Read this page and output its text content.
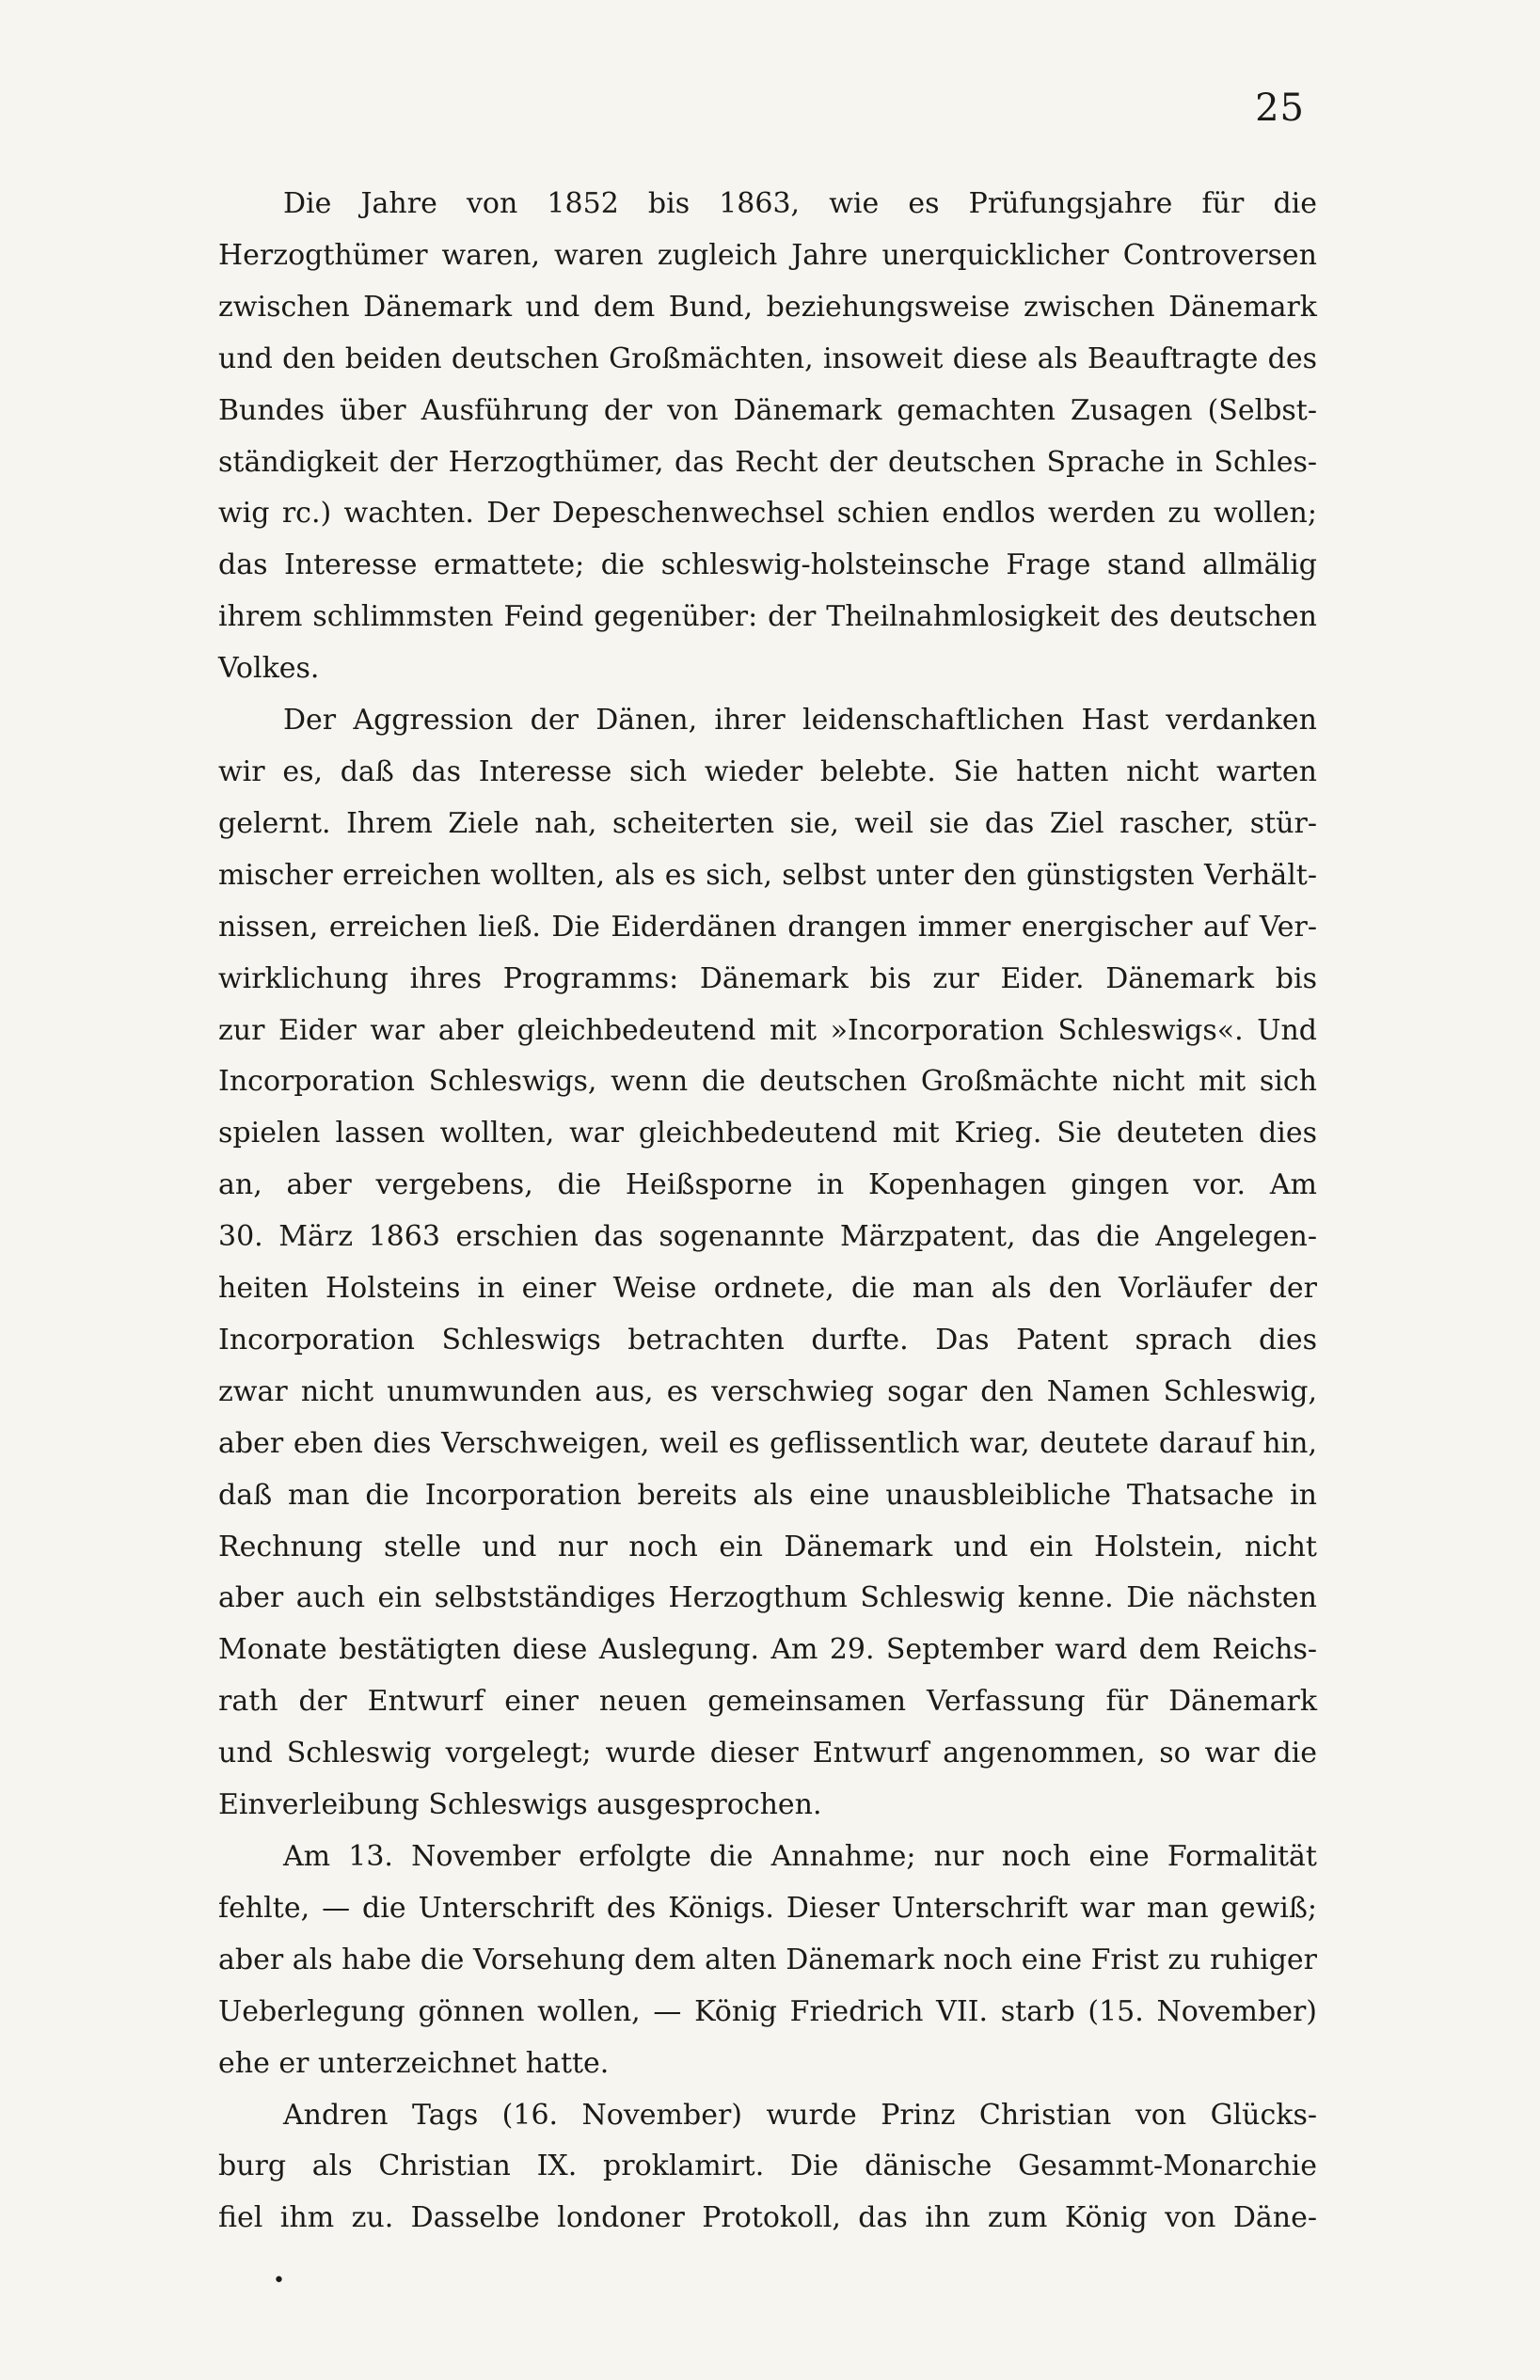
25

Die Jahre von 1852 bis 1863, wie es Prüfungsjahre für die
Herzogthümer waren, waren zugleich Jahre unerquicklicher Controversen
zwischen Dänemark und dem Bund, beziehungsweise zwischen Dänemark
und den beiden deutschen Großmächten, insoweit diese als Beauftragte des
Bundes über Ausführung der von Dänemark gemachten Zusagen (Selbst-
ständigkeit der Herzogthümer, das Recht der deutschen Sprache in Schles-
wig rc.) wachten. Der Depeschenwechsel schien endlos werden zu wollen;
das Interesse ermattete; die schleswig-holsteinsche Frage stand allmälig
ihrem schlimmsten Feind gegenüber: der Theilnahmlosigkeit des deutschen
Volkes.

Der Aggression der Dänen, ihrer leidenschaftlichen Hast verdanken
wir es, daß das Interesse sich wieder belebte. Sie hatten nicht warten
gelernt. Ihrem Ziele nah, scheiterten sie, weil sie das Ziel rascher, stür-
mischer erreichen wollten, als es sich, selbst unter den günstigsten Verhält-
nissen, erreichen ließ. Die Eiderdänen drangen immer energischer auf Ver-
wirklichung ihres Programms: Dänemark bis zur Eider. Dänemark bis
zur Eider war aber gleichbedeutend mit »Incorporation Schleswigs«. Und
Incorporation Schleswigs, wenn die deutschen Großmächte nicht mit sich
spielen lassen wollten, war gleichbedeutend mit Krieg. Sie deuteten dies
an, aber vergebens, die Heißsporne in Kopenhagen gingen vor. Am
30. März 1863 erschien das sogenannte Märzpatent, das die Angelegen-
heiten Holsteins in einer Weise ordnete, die man als den Vorläufer der
Incorporation Schleswigs betrachten durfte. Das Patent sprach dies
zwar nicht unumwunden aus, es verschwieg sogar den Namen Schleswig,
aber eben dies Verschweigen, weil es geflissentlich war, deutete darauf hin,
daß man die Incorporation bereits als eine unausbleibliche Thatsache in
Rechnung stelle und nur noch ein Dänemark und ein Holstein, nicht
aber auch ein selbstständiges Herzogthum Schleswig kenne. Die nächsten
Monate bestätigten diese Auslegung. Am 29. September ward dem Reichs-
rath der Entwurf einer neuen gemeinsamen Verfassung für Dänemark
und Schleswig vorgelegt; wurde dieser Entwurf angenommen, so war die
Einverleibung Schleswigs ausgesprochen.

Am 13. November erfolgte die Annahme; nur noch eine Formalität
fehlte, — die Unterschrift des Königs. Dieser Unterschrift war man gewiß;
aber als habe die Vorsehung dem alten Dänemark noch eine Frist zu ruhiger
Ueberlegung gönnen wollen, — König Friedrich VII. starb (15. November)
ehe er unterzeichnet hatte.

Andren Tags (16. November) wurde Prinz Christian von Glücks-
burg als Christian IX. proklamirt. Die dänische Gesammt-Monarchie
fiel ihm zu. Dasselbe londoner Protokoll, das ihn zum König von Däne-

•
